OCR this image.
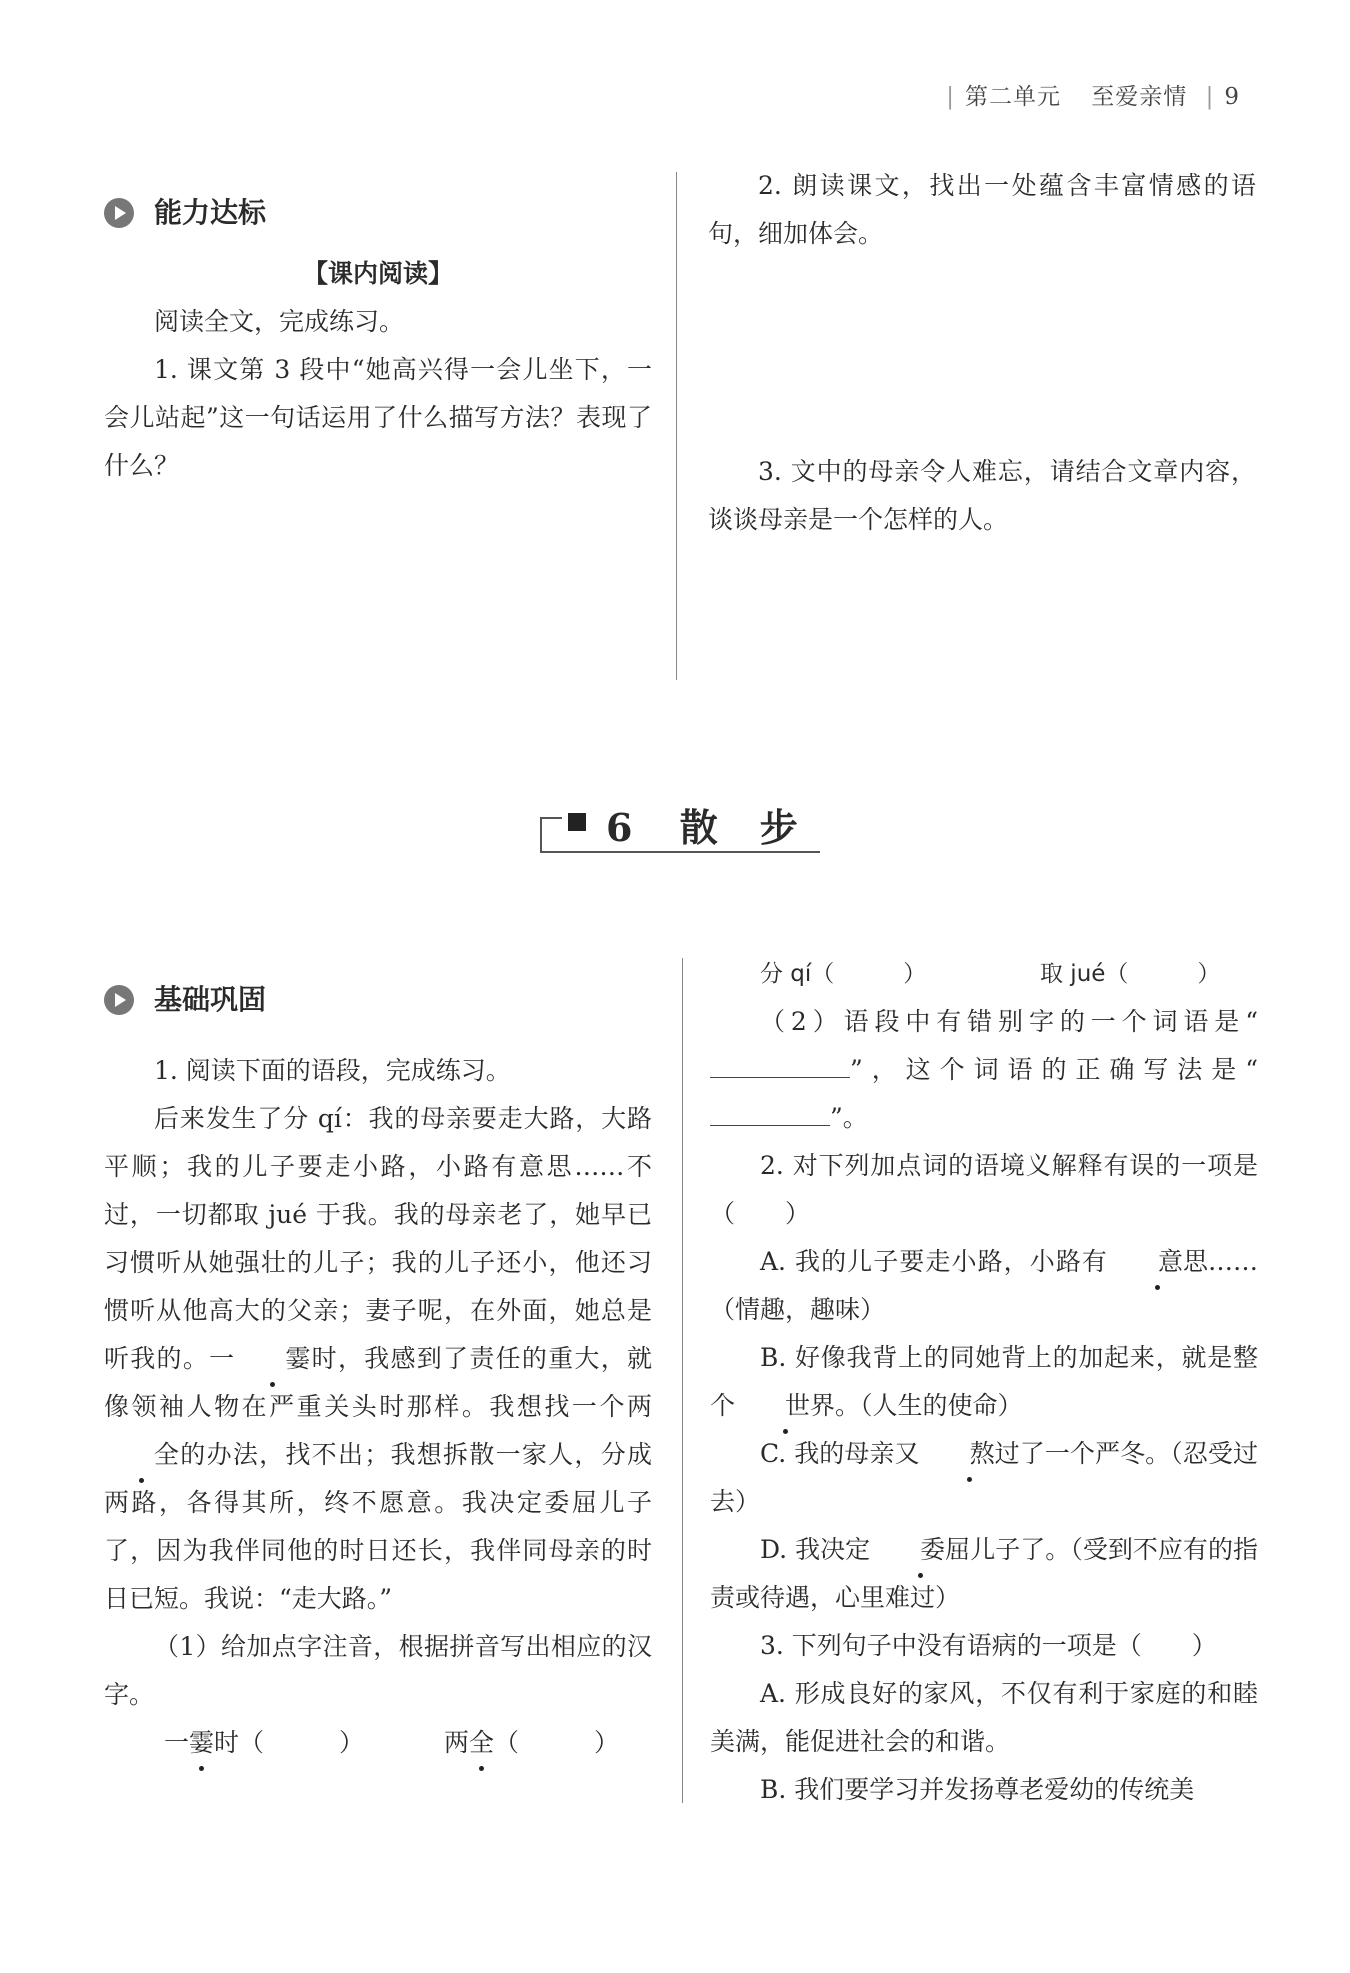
| 第二单元 至爱亲情 | 9
能力达标
【课内阅读】

阅读全文，完成练习。

1. 课文第 3 段中“她高兴得一会儿坐下，一会儿站起”这一句话运用了什么描写方法？表现了什么？

2. 朗读课文，找出一处蕴含丰富情感的语句，细加体会。

3. 文中的母亲令人难忘，请结合文章内容，谈谈母亲是一个怎样的人。

6 散　步
基础巩固

1. 阅读下面的语段，完成练习。

后来发生了分 qí：我的母亲要走大路，大路平顺；我的儿子要走小路，小路有意思……不过，一切都取 jué 于我。我的母亲老了，她早已习惯听从她强壮的儿子；我的儿子还小，他还习惯听从他高大的父亲；妻子呢，在外面，她总是听我的。一 霎时，我感到了责任的重大，就像领袖人物在严重关头时那样。我想找一个两全的办法，找不出；我想拆散一家人，分成两路，各得其所，终不愿意。我决定委屈儿子了，因为我伴同他的时日还长，我伴同母亲的时日已短。我说：“走大路。”

（1）给加点字注音，根据拼音写出相应的汉字。

一霎时（　　　）	两全（　　　）
分 qí（　　　）	取 jué（　　　）

（2）语段中有错别字的一个词语是“”，这个词语的正确写法是“”。

2. 对下列加点词的语境义解释有误的一项是（　　）

A. 我的儿子要走小路，小路有 意思……（情趣，趣味）

B. 好像我背上的同她背上的加起来，就是整个 世界。（人生的使命）

C. 我的母亲又 熬过了一个严冬。（忍受过去）

D. 我决定 委屈儿子了。（受到不应有的指责或待遇，心里难过）

3. 下列句子中没有语病的一项是（　　）

A. 形成良好的家风，不仅有利于家庭的和睦美满，能促进社会的和谐。

B. 我们要学习并发扬尊老爱幼的传统美
